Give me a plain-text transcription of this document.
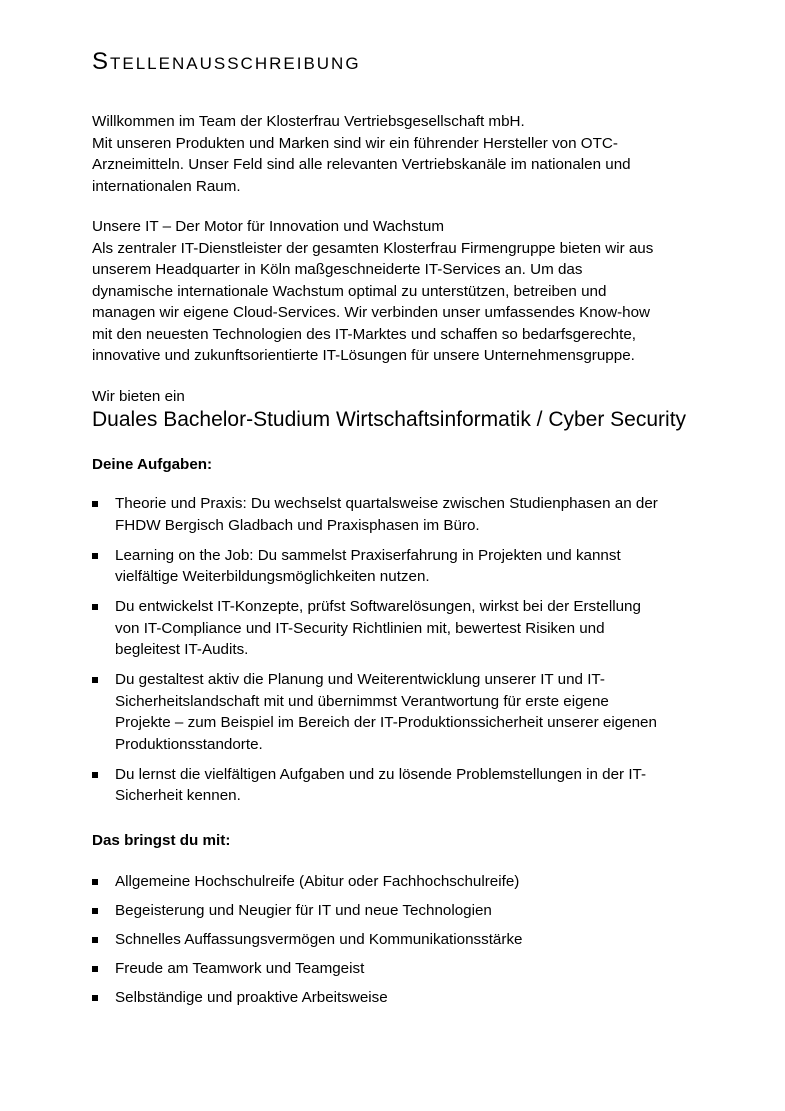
Stellenausschreibung
Willkommen im Team der Klosterfrau Vertriebsgesellschaft mbH.
Mit unseren Produkten und Marken sind wir ein führender Hersteller von OTC-
Arzneimitteln. Unser Feld sind alle relevanten Vertriebskanäle im nationalen und
internationalen Raum.
Unsere IT – Der Motor für Innovation und Wachstum
Als zentraler IT-Dienstleister der gesamten Klosterfrau Firmengruppe bieten wir aus
unserem Headquarter in Köln maßgeschneiderte IT-Services an. Um das
dynamische internationale Wachstum optimal zu unterstützen, betreiben und
managen wir eigene Cloud-Services. Wir verbinden unser umfassendes Know-how
mit den neuesten Technologien des IT-Marktes und schaffen so bedarfsgerechte,
innovative und zukunftsorientierte IT-Lösungen für unsere Unternehmensgruppe.

Wir bieten ein

Duales Bachelor-Studium Wirtschaftsinformatik / Cyber Security
Deine Aufgaben:
Theorie und Praxis: Du wechselst quartalsweise zwischen Studienphasen an der
FHDW Bergisch Gladbach und Praxisphasen im Büro.
Learning on the Job: Du sammelst Praxiserfahrung in Projekten und kannst
vielfältige Weiterbildungsmöglichkeiten nutzen.
Du entwickelst IT-Konzepte, prüfst Softwarelösungen, wirkst bei der Erstellung
von IT-Compliance und IT-Security Richtlinien mit, bewertest Risiken und
begleitest IT-Audits.
Du gestaltest aktiv die Planung und Weiterentwicklung unserer IT und IT-
Sicherheitslandschaft mit und übernimmst Verantwortung für erste eigene
Projekte – zum Beispiel im Bereich der IT-Produktionssicherheit unserer eigenen
Produktionsstandorte.
Du lernst die vielfältigen Aufgaben und zu lösende Problemstellungen in der IT-
Sicherheit kennen.
Das bringst du mit:
Allgemeine Hochschulreife (Abitur oder Fachhochschulreife)
Begeisterung und Neugier für IT und neue Technologien
Schnelles Auffassungsvermögen und Kommunikationsstärke
Freude am Teamwork und Teamgeist
Selbständige und proaktive Arbeitsweise
